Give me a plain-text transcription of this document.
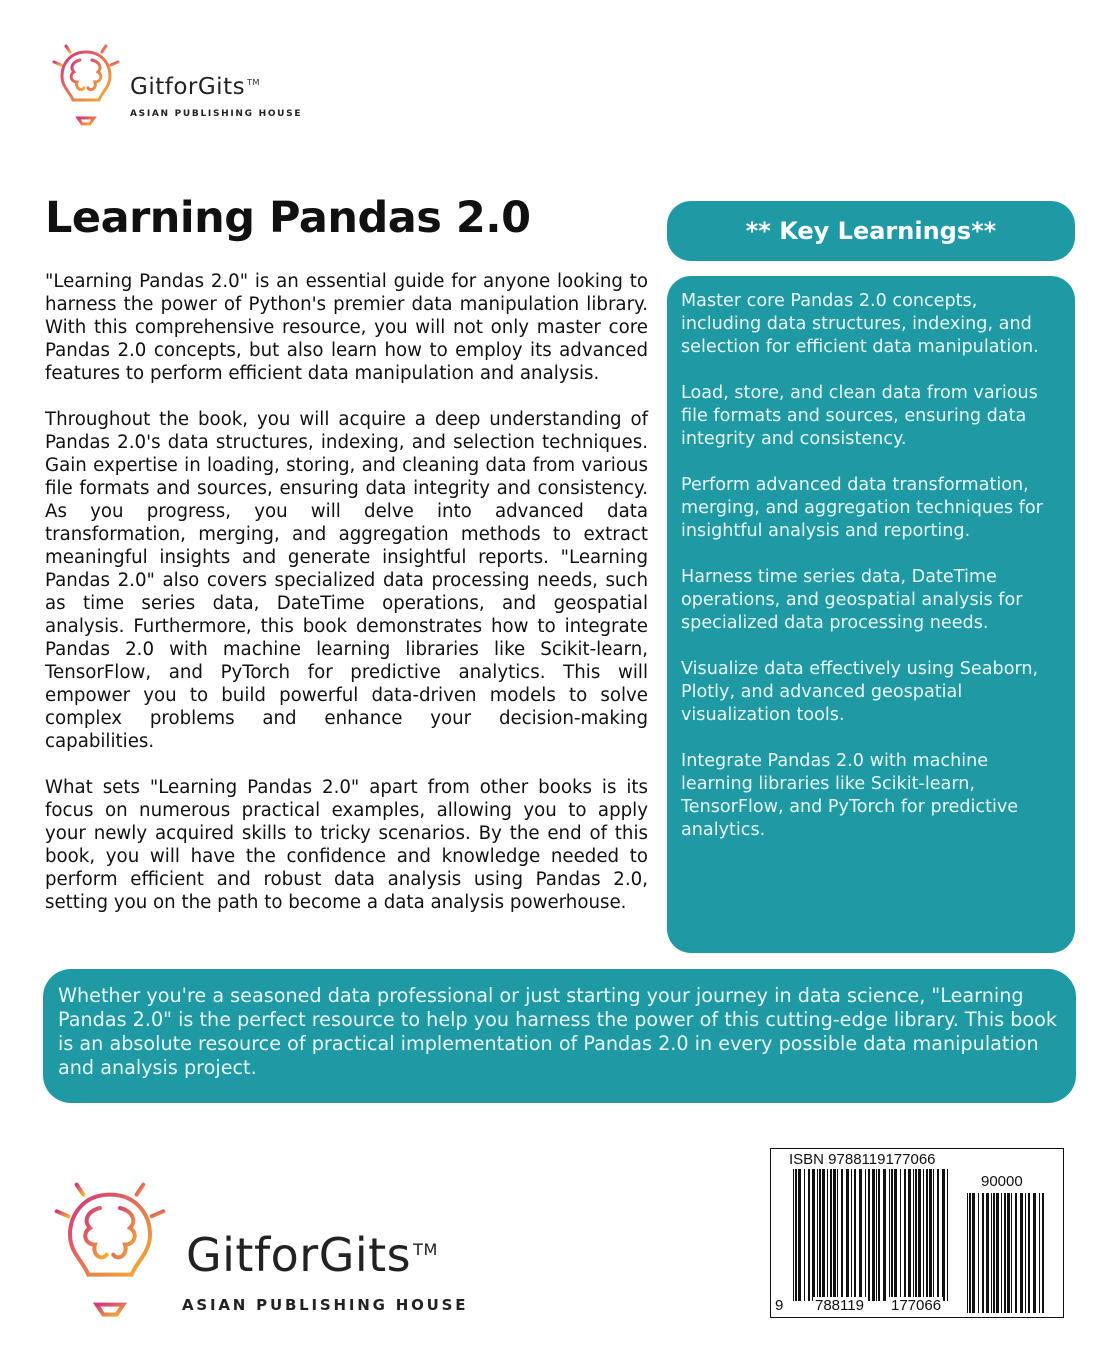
GitforGits ™
ASIAN PUBLISHING HOUSE
Learning Pandas 2.0

"Learning Pandas 2.0" is an essential guide for anyone looking to harness the power of Python's premier data manipulation library. With this comprehensive resource, you will not only master core Pandas 2.0 concepts, but also learn how to employ its advanced features to perform efficient data manipulation and analysis.

Throughout the book, you will acquire a deep understanding of Pandas 2.0's data structures, indexing, and selection techniques. Gain expertise in loading, storing, and cleaning data from various file formats and sources, ensuring data integrity and consistency. As you progress, you will delve into advanced data transformation, merging, and aggregation methods to extract meaningful insights and generate insightful reports. "Learning Pandas 2.0" also covers specialized data processing needs, such as time series data, DateTime operations, and geospatial analysis. Furthermore, this book demonstrates how to integrate Pandas 2.0 with machine learning libraries like Scikit-learn, TensorFlow, and PyTorch for predictive analytics. This will empower you to build powerful data-driven models to solve complex problems and enhance your decision-making capabilities.

What sets "Learning Pandas 2.0" apart from other books is its focus on numerous practical examples, allowing you to apply your newly acquired skills to tricky scenarios. By the end of this book, you will have the confidence and knowledge needed to perform efficient and robust data analysis using Pandas 2.0, setting you on the path to become a data analysis powerhouse.

** Key Learnings**

Master core Pandas 2.0 concepts, including data structures, indexing, and selection for efficient data manipulation.

Load, store, and clean data from various file formats and sources, ensuring data integrity and consistency.

Perform advanced data transformation, merging, and aggregation techniques for insightful analysis and reporting.

Harness time series data, DateTime operations, and geospatial analysis for specialized data processing needs.

Visualize data effectively using Seaborn, Plotly, and advanced geospatial visualization tools.

Integrate Pandas 2.0 with machine learning libraries like Scikit-learn, TensorFlow, and PyTorch for predictive analytics.

Whether you're a seasoned data professional or just starting your journey in data science, "Learning Pandas 2.0" is the perfect resource to help you harness the power of this cutting-edge library. This book is an absolute resource of practical implementation of Pandas 2.0 in every possible data manipulation and analysis project.

GitforGits ™
ASIAN PUBLISHING HOUSE
ISBN 9788119177066
90000
9 788119 177066
